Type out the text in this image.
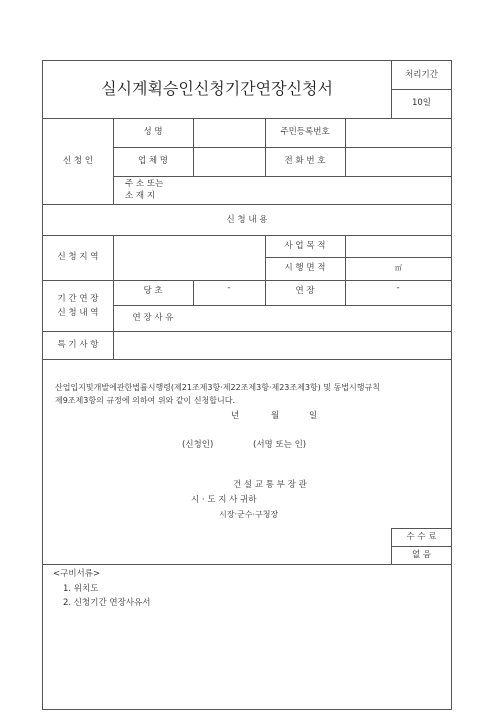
실시계획승인신청기간연장신청서
처리기간
10일
신 청 인
성 명	주민등록번호
업 체 명	전 화 번 호
주 소 또는
소 재 지
신 청 내 용
신 청 지 역
사 업 목 적
시 행 면 적	㎡
기 간 연 장
신 청 내 역
당 초	-	연 장	-
연 장 사 유
특 기 사 항
산업입지및개발에관한법률시행령(제21조제3항·제22조제3항·제23조제3항) 및 동법시행규칙
제9조제3항의 규정에 의하여 위와 같이 신청합니다.
년	월	일
(신청인)	(서명 또는 인)
건 설 교 통 부 장 관
시 · 도 지 사 귀하
시장·군수·구청장
수 수 료
없 음
<구비서류>
1. 위치도
2. 신청기간 연장사유서
